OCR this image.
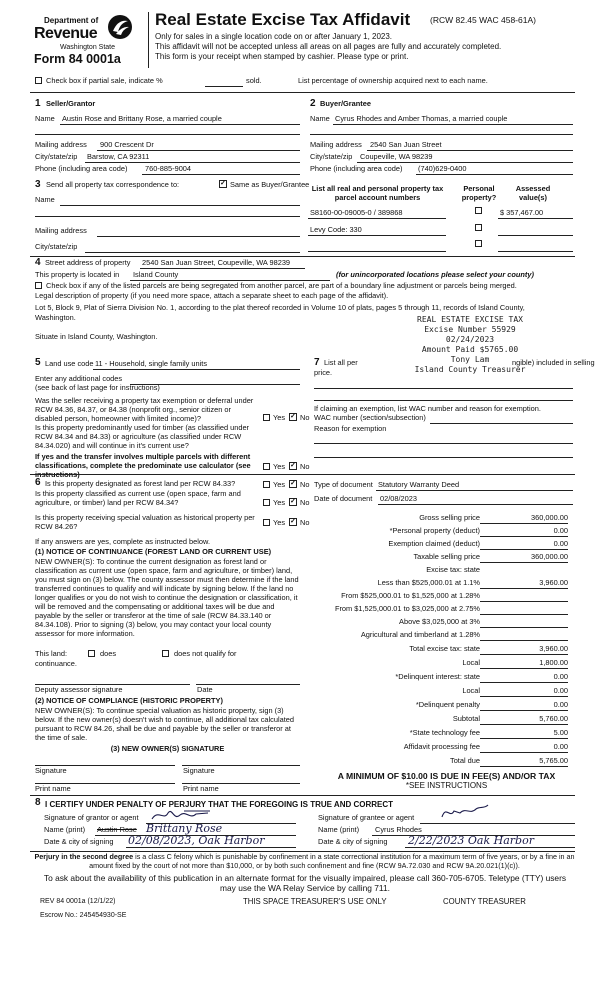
Department of
Revenue
Washington State
Form 84 0001a
Real Estate Excise Tax Affidavit (RCW 82.45 WAC 458-61A)
Only for sales in a single location code on or after January 1, 2023.
This affidavit will not be accepted unless all areas on all pages are fully and accurately completed.
This form is your receipt when stamped by cashier. Please type or print.
Check box if partial sale, indicate %	sold.	List percentage of ownership acquired next to each name.
1 Seller/Grantor
Name Austin Rose and Brittany Rose, a married couple
Mailing address 900 Crescent Dr
City/state/zip Barstow, CA 92311
Phone (including area code) 760-885-9004
2 Buyer/Grantee
Name Cyrus Rhodes and Amber Thomas, a married couple
Mailing address 2540 San Juan Street
City/state/zip Coupeville, WA 98239
Phone (including area code) (740)629-0400
3 Send all property tax correspondence to:	✓ Same as Buyer/Grantee
Name
Mailing address
City/state/zip
List all real and personal property tax parcel account numbers
Personal property?
Assessed value(s)
S8160-00-09005-0 / 389868	$ 357,467.00
Levy Code: 330
4 Street address of property 2540 San Juan Street, Coupeville, WA 98239
This property is located in Island County	(for unincorporated locations please select your county)
Check box if any of the listed parcels are being segregated from another parcel, are part of a boundary line adjustment or parcels being merged.
Legal description of property (if you need more space, attach a separate sheet to each page of the affidavit).
Lot 5, Block 9, Plat of Sierra Division No. 1, according to the plat thereof recorded in Volume 10 of plats, pages 5 through 11, records of Island County,
Washington.
Situate in Island County, Washington.
REAL ESTATE EXCISE TAX
Excise Number 55929
02/24/2023
Amount Paid $5765.00
Tony Lam
Island County Treasurer
5 Land use code 11 - Household, single family units
Enter any additional codes
(see back of last page for instructions)
Was the seller receiving a property tax exemption or deferral under RCW 84.36, 84.37, or 84.38 (nonprofit org., senior citizen or disabled person, homeowner with limited income)?	Yes ✓ No
Is this property predominantly used for timber (as classified under RCW 84.34 and 84.33) or agriculture (as classified under RCW 84.34.020) and will continue in it's current use?
If yes and the transfer involves multiple parcels with different classifications, complete the predominate use calculator (see instructions)
Yes ✓ No
7 List all per	ngible) included in selling
price.
If claiming an exemption, list WAC number and reason for exemption.
WAC number (section/subsection)
Reason for exemption
6 Is this property designated as forest land per RCW 84.33?	Yes ✓ No
Is this property classified as current use (open space, farm and agriculture, or timber) land per RCW 84.34?	Yes ✓ No
Is this property receiving special valuation as historical property per RCW 84.26?	Yes ✓ No
If any answers are yes, complete as instructed below.
(1) NOTICE OF CONTINUANCE (FOREST LAND OR CURRENT USE)
NEW OWNER(S): To continue the current designation as forest land or classification as current use (open space, farm and agriculture, or timber) land, you must sign on (3) below. The county assessor must then determine if the land transferred continues to qualify and will indicate by signing below. If the land no longer qualifies or you do not wish to continue the designation or classification, it will be removed and the compensating or additional taxes will be due and payable by the seller or transferor at the time of sale (RCW 84.33.140 or 84.34.108). Prior to signing (3) below, you may contact your local county assessor for more information.
This land:	does	does not qualify for
continuance.
Deputy assessor signature	Date
(2) NOTICE OF COMPLIANCE (HISTORIC PROPERTY)
NEW OWNER(S): To continue special valuation as historic property, sign (3) below. If the new owner(s) doesn't wish to continue, all additional tax calculated pursuant to RCW 84.26, shall be due and payable by the seller or transferor at the time of sale.
(3) NEW OWNER(S) SIGNATURE
Signature	Signature
Print name	Print name
Type of document Statutory Warranty Deed
Date of document 02/08/2023
Gross selling price	360,000.00
*Personal property (deduct)	0.00
Exemption claimed (deduct)	0.00
Taxable selling price	360,000.00
Excise tax: state
Less than $525,000.01 at 1.1%	3,960.00
From $525,000.01 to $1,525,000 at 1.28%
From $1,525,000.01 to $3,025,000 at 2.75%
Above $3,025,000 at 3%
Agricultural and timberland at 1.28%
Total excise tax: state	3,960.00
Local	1,800.00
*Delinquent interest: state	0.00
Local	0.00
*Delinquent penalty	0.00
Subtotal	5,760.00
*State technology fee	5.00
Affidavit processing fee	0.00
Total due	5,765.00
A MINIMUM OF $10.00 IS DUE IN FEE(S) AND/OR TAX
*SEE INSTRUCTIONS
8 I CERTIFY UNDER PENALTY OF PERJURY THAT THE FOREGOING IS TRUE AND CORRECT
Signature of grantor or agent
Name (print) Austin Rose Brittany Rose
Date & city of signing 02/08/2023, Oak Harbor
Signature of grantee or agent
Name (print) Cyrus Rhodes
Date & city of signing 2/22/2023 Oak Harbor
Perjury in the second degree is a class C felony which is punishable by confinement in a state correctional institution for a maximum term of five years, or by a fine in an amount fixed by the court of not more than $10,000, or by both such confinement and fine (RCW 9A.72.030 and RCW 9A.20.021(1)(c)).
To ask about the availability of this publication in an alternate format for the visually impaired, please call 360-705-6705. Teletype (TTY) users may use the WA Relay Service by calling 711.
REV 84 0001a (12/1/22)	THIS SPACE TREASURER'S USE ONLY	COUNTY TREASURER
Escrow No.: 245454930-SE
